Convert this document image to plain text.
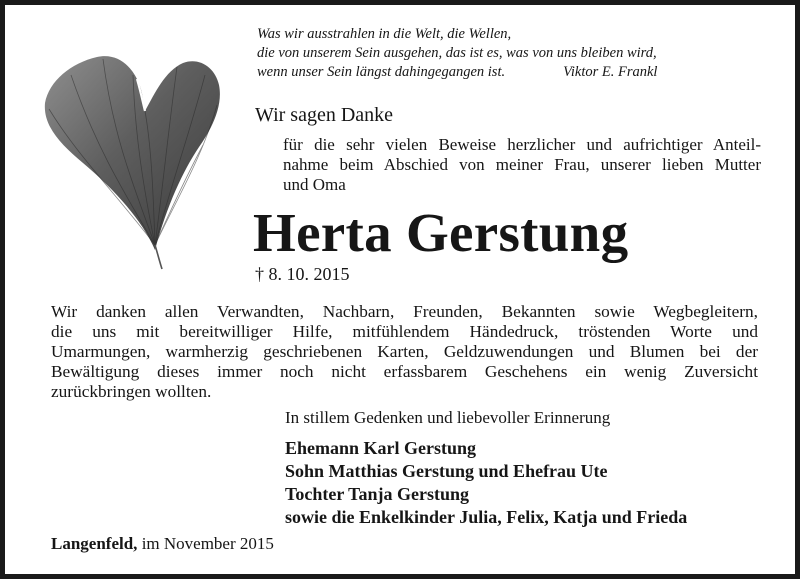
Was wir ausstrahlen in die Welt, die Wellen,
die von unserem Sein ausgehen, das ist es, was von uns bleiben wird,
wenn unser Sein längst dahingegangen ist.	Viktor E. Frankl
Wir sagen Danke
für die sehr vielen Beweise herzlicher und aufrichtiger Anteil-
nahme beim Abschied von meiner Frau, unserer lieben Mutter
und Oma
Herta Gerstung
† 8. 10. 2015
Wir danken allen Verwandten, Nachbarn, Freunden, Bekannten sowie Wegbegleitern,
die uns mit bereitwilliger Hilfe, mitfühlendem Händedruck, tröstenden Worte und
Umarmungen, warmherzig geschriebenen Karten, Geldzuwendungen und Blumen bei der
Bewältigung dieses immer noch nicht erfassbarem Geschehens ein wenig Zuversicht
zurückbringen wollten.
In stillem Gedenken und liebevoller Erinnerung
Ehemann Karl Gerstung
Sohn Matthias Gerstung und Ehefrau Ute
Tochter Tanja Gerstung
sowie die Enkelkinder Julia, Felix, Katja und Frieda
Langenfeld, im November 2015
